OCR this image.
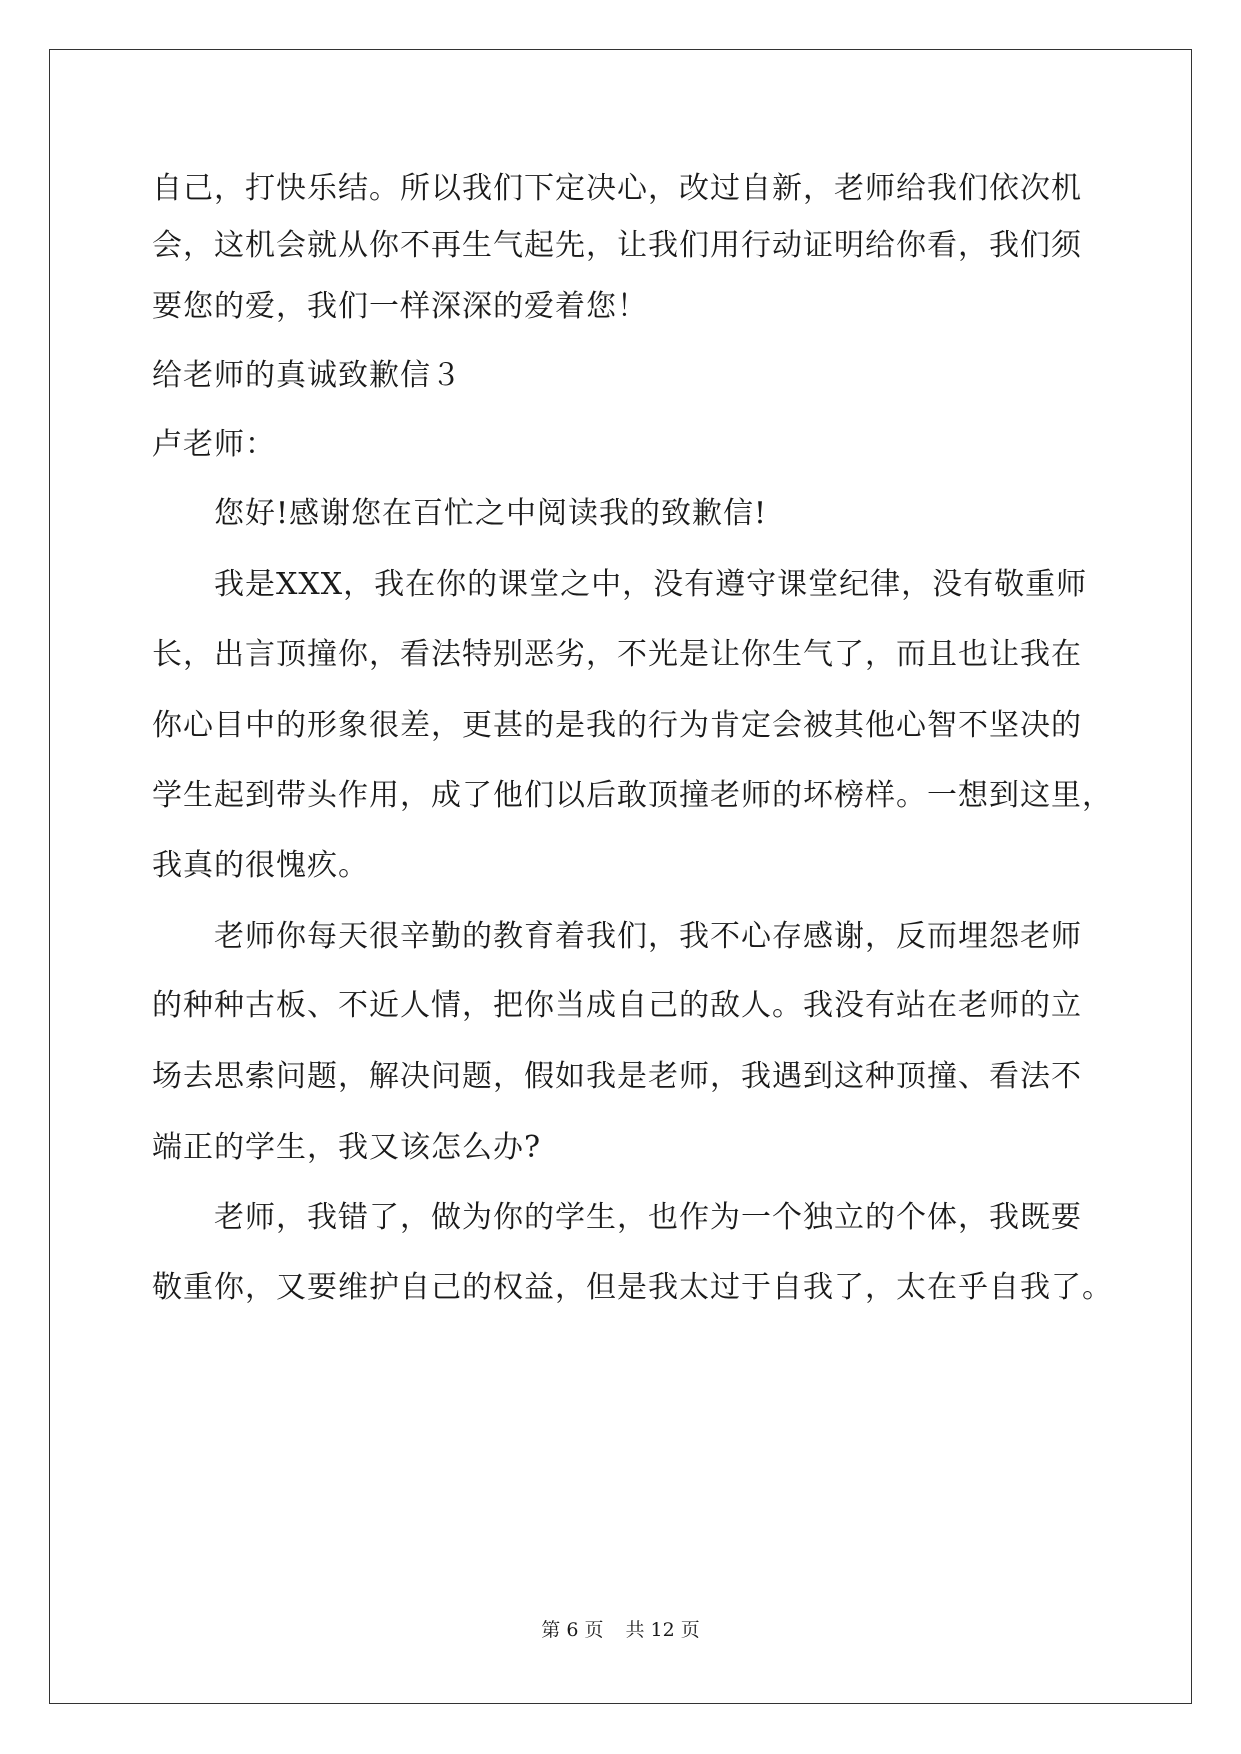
自己，打快乐结。所以我们下定决心，改过自新，老师给我们依次机
会，这机会就从你不再生气起先，让我们用行动证明给你看，我们须
要您的爱，我们一样深深的爱着您！
给老师的真诚致歉信３
卢老师：
您好!感谢您在百忙之中阅读我的致歉信!
我是XXX，我在你的课堂之中，没有遵守课堂纪律，没有敬重师
长，出言顶撞你，看法特别恶劣，不光是让你生气了，而且也让我在
你心目中的形象很差，更甚的是我的行为肯定会被其他心智不坚决的
学生起到带头作用，成了他们以后敢顶撞老师的坏榜样。一想到这里，
我真的很愧疚。
老师你每天很辛勤的教育着我们，我不心存感谢，反而埋怨老师
的种种古板、不近人情，把你当成自己的敌人。我没有站在老师的立
场去思索问题，解决问题，假如我是老师，我遇到这种顶撞、看法不
端正的学生，我又该怎么办?
老师，我错了，做为你的学生，也作为一个独立的个体，我既要
敬重你，又要维护自己的权益，但是我太过于自我了，太在乎自我了。
第 6 页 共 12 页
